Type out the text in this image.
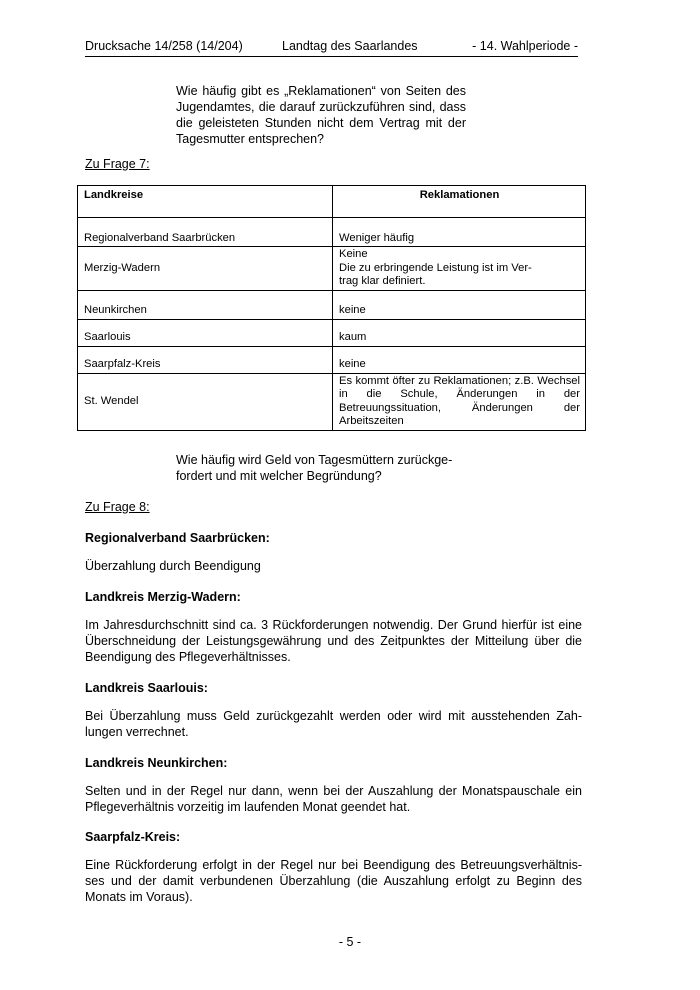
Drucksache 14/258 (14/204)	Landtag des Saarlandes	- 14. Wahlperiode -
Wie häufig gibt es „Reklamationen“ von Seiten des Jugendamtes, die darauf zurückzuführen sind, dass die geleisteten Stunden nicht dem Vertrag mit der Tagesmutter entsprechen?
Zu Frage 7:
Landkreise	Reklamationen
Regionalverband Saarbrücken	Weniger häufig
Merzig-Wadern	Keine
Die zu erbringende Leistung ist im Ver-
trag klar definiert.
Neunkirchen	keine
Saarlouis	kaum
Saarpfalz-Kreis	keine
St. Wendel	Es kommt öfter zu Reklamationen; z.B. Wechsel in die Schule, Änderungen in der Betreuungssituation, Änderungen der Arbeitszeiten
Wie häufig wird Geld von Tagesmüttern zurückge-
fordert und mit welcher Begründung?
Zu Frage 8:
Regionalverband Saarbrücken:
Überzahlung durch Beendigung
Landkreis Merzig-Wadern:
Im Jahresdurchschnitt sind ca. 3 Rückforderungen notwendig. Der Grund hierfür ist eine Überschneidung der Leistungsgewährung und des Zeitpunktes der Mitteilung über die Beendigung des Pflegeverhältnisses.
Landkreis Saarlouis:
Bei Überzahlung muss Geld zurückgezahlt werden oder wird mit ausstehenden Zah-lungen verrechnet.
Landkreis Neunkirchen:
Selten und in der Regel nur dann, wenn bei der Auszahlung der Monatspauschale ein Pflegeverhältnis vorzeitig im laufenden Monat geendet hat.
Saarpfalz-Kreis:
Eine Rückforderung erfolgt in der Regel nur bei Beendigung des Betreuungsverhältnis-ses und der damit verbundenen Überzahlung (die Auszahlung erfolgt zu Beginn des Monats im Voraus).
- 5 -
